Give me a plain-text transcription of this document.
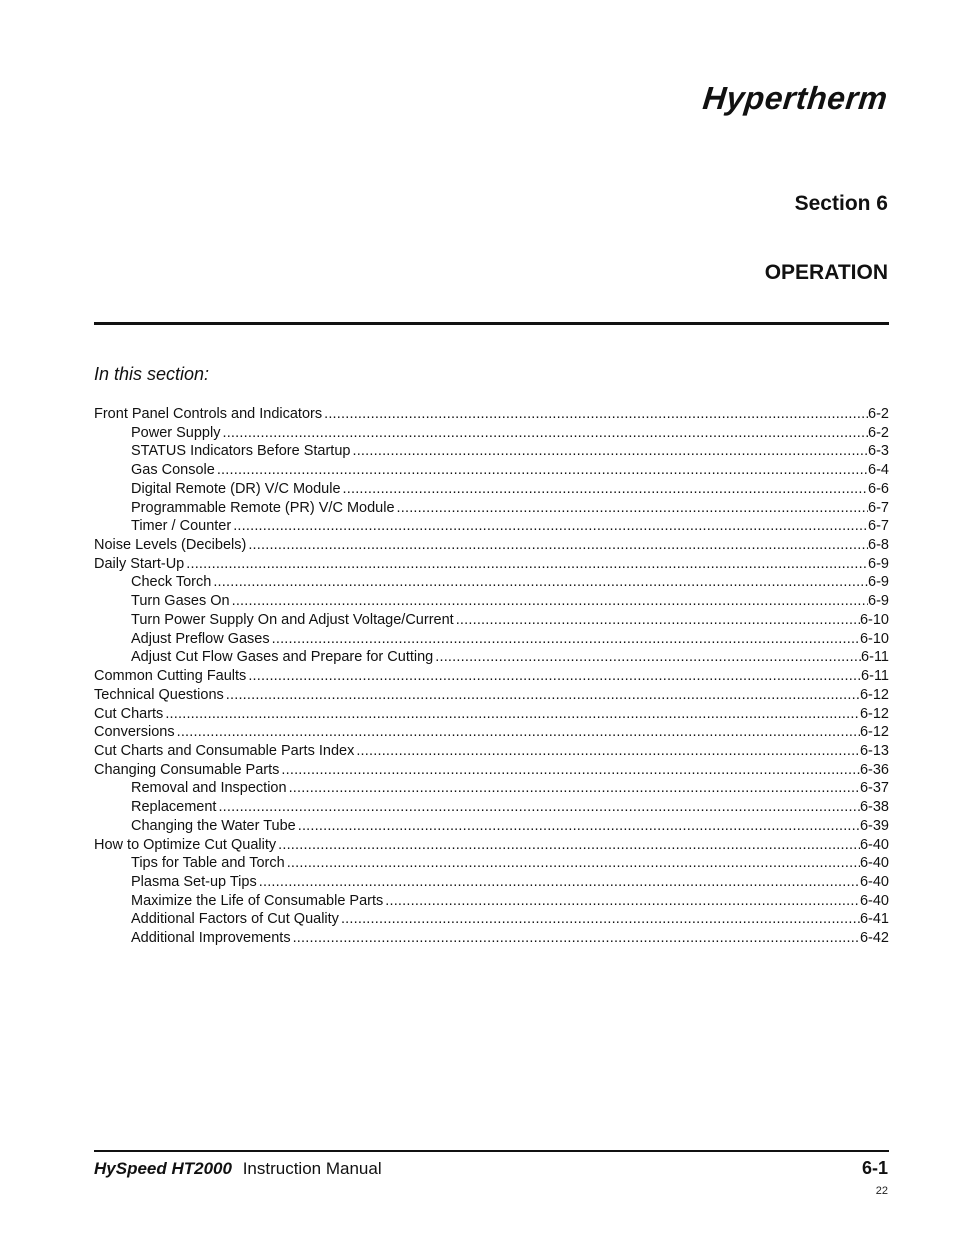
Hypertherm
Section 6
OPERATION
In this section:
Front Panel Controls and Indicators .....	6-2
Power Supply .....	6-2
STATUS Indicators Before Startup .....	6-3
Gas Console .....	6-4
Digital Remote (DR) V/C Module .....	6-6
Programmable Remote (PR) V/C Module .....	6-7
Timer / Counter .....	6-7
Noise Levels (Decibels) .....	6-8
Daily Start-Up .....	6-9
Check Torch .....	6-9
Turn Gases On .....	6-9
Turn Power Supply On and Adjust Voltage/Current .....	6-10
Adjust Preflow Gases .....	6-10
Adjust Cut Flow Gases and Prepare for Cutting .....	6-11
Common Cutting Faults .....	6-11
Technical Questions .....	6-12
Cut Charts .....	6-12
Conversions .....	6-12
Cut Charts and Consumable Parts Index .....	6-13
Changing Consumable Parts .....	6-36
Removal and Inspection .....	6-37
Replacement .....	6-38
Changing the Water Tube .....	6-39
How to Optimize Cut Quality .....	6-40
Tips for Table and Torch .....	6-40
Plasma Set-up Tips .....	6-40
Maximize the Life of Consumable Parts .....	6-40
Additional Factors of Cut Quality .....	6-41
Additional Improvements .....	6-42
HySpeed HT2000 Instruction Manual	6-1
22
